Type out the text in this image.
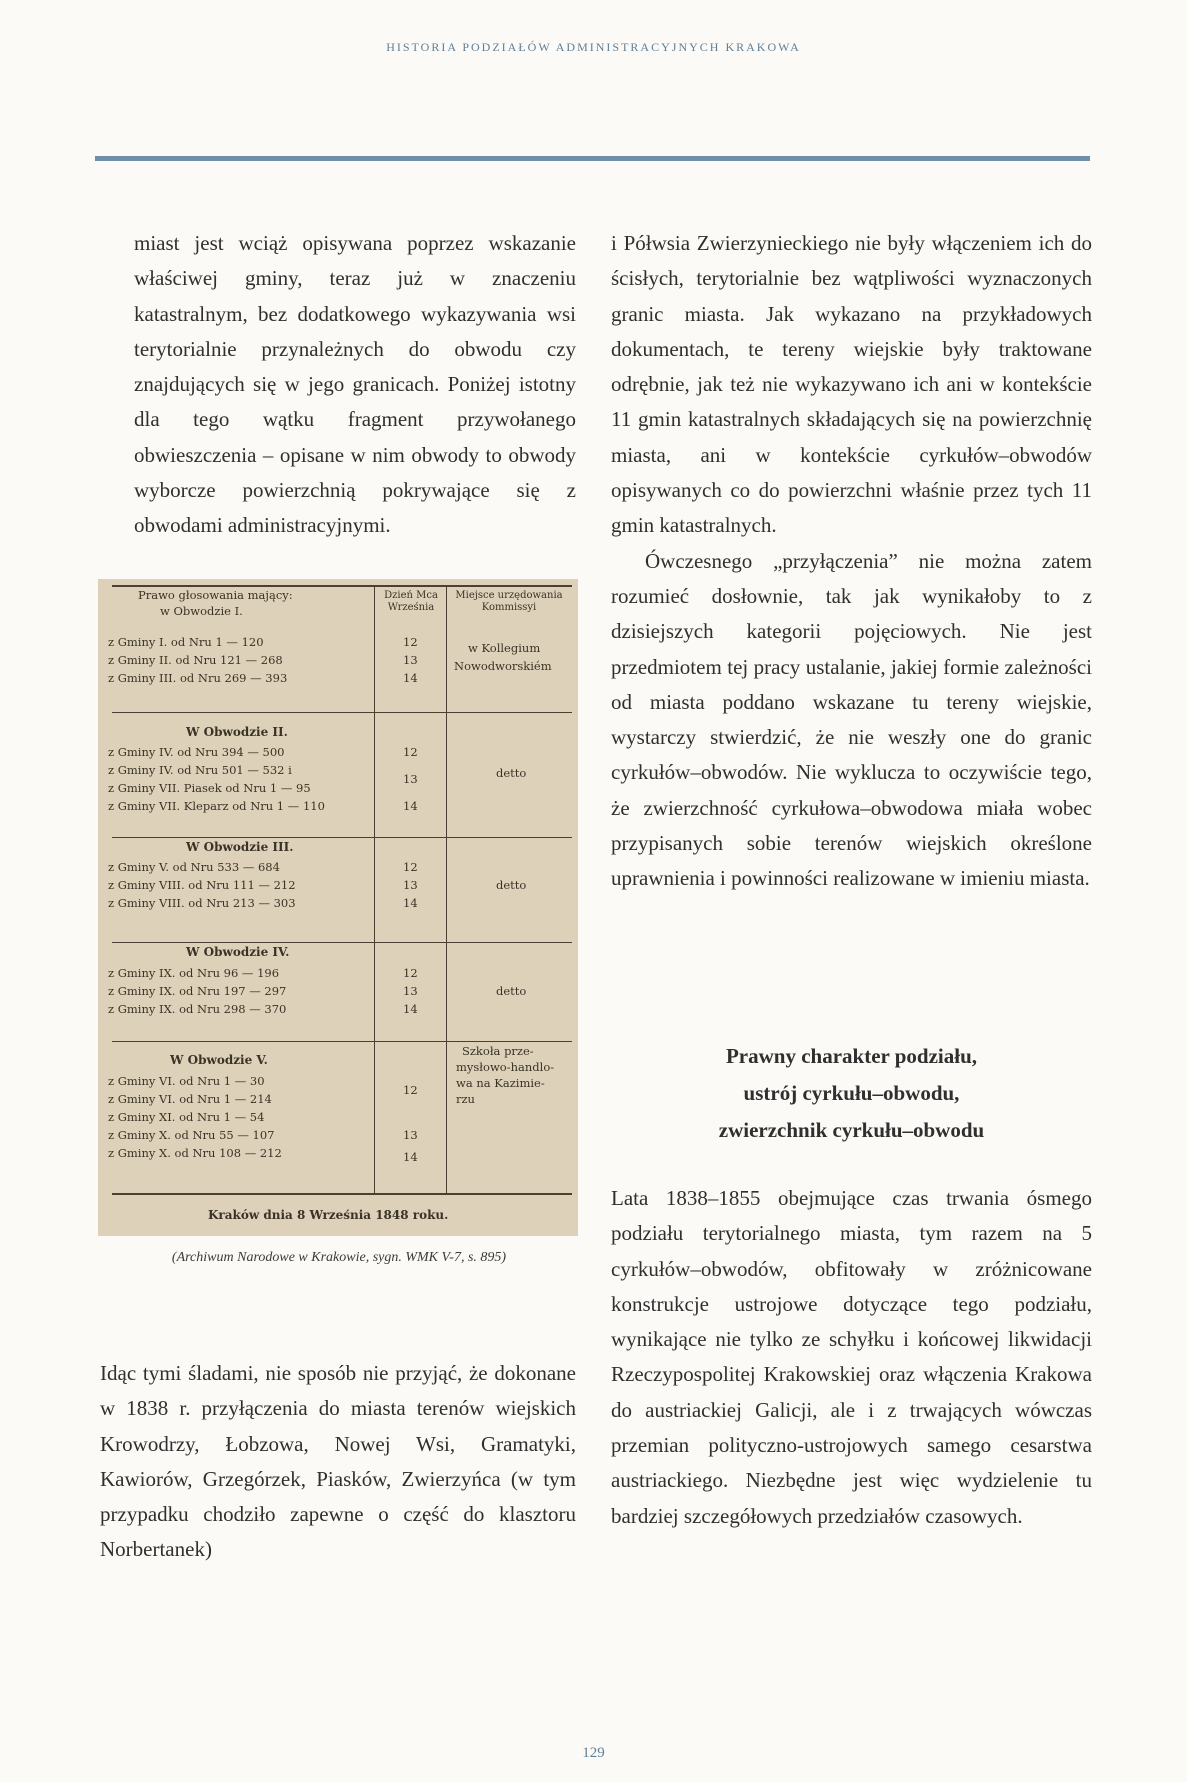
HISTORIA PODZIAŁÓW ADMINISTRACYJNYCH KRAKOWA

miast jest wciąż opisywana poprzez wskazanie właściwej gminy, teraz już w znaczeniu katastralnym, bez dodatkowego wykazywania wsi terytorialnie przynależnych do obwodu czy znajdujących się w jego granicach. Poniżej istotny dla tego wątku fragment przywołanego obwieszczenia – opisane w nim obwody to obwody wyborcze powierzchnią pokrywające się z obwodami administracyjnymi.

Prawo głosowania mający:
w Obwodzie I.
Dzień Mca
Września
Miejsce urzędowania
Kommissyi
z Gminy I. od Nru 1 — 120
z Gminy II. od Nru 121 — 268
z Gminy III. od Nru 269 — 393
12
13
14
w Kollegium
Nowodworskiém
W Obwodzie II.
z Gminy IV. od Nru 394 — 500
z Gminy IV. od Nru 501 — 532 i
z Gminy VII. Piasek od Nru 1 — 95
z Gminy VII. Kleparz od Nru 1 — 110
12
13
14
detto
W Obwodzie III.
z Gminy V. od Nru 533 — 684
z Gminy VIII. od Nru 111 — 212
z Gminy VIII. od Nru 213 — 303
12
13
14
detto
W Obwodzie IV.
z Gminy IX. od Nru 96 — 196
z Gminy IX. od Nru 197 — 297
z Gminy IX. od Nru 298 — 370
12
13
14
detto
W Obwodzie V.
z Gminy VI. od Nru 1 — 30
z Gminy VI. od Nru 1 — 214
z Gminy XI. od Nru 1 — 54
z Gminy X. od Nru 55 — 107
z Gminy X. od Nru 108 — 212
12
13
14
Szkoła prze-
mysłowo-handlo-
wa na Kazimie-
rzu
Kraków dnia 8 Września 1848 roku.
(Archiwum Narodowe w Krakowie, sygn. WMK V-7, s. 895)

Idąc tymi śladami, nie sposób nie przyjąć, że dokonane w 1838 r. przyłączenia do miasta terenów wiejskich Krowodrzy, Łobzowa, Nowej Wsi, Gramatyki, Kawiorów, Grzegórzek, Piasków, Zwierzyńca (w tym przypadku chodziło zapewne o część do klasztoru Norbertanek)

i Półwsia Zwierzynieckiego nie były włączeniem ich do ścisłych, terytorialnie bez wątpliwości wyznaczonych granic miasta. Jak wykazano na przykładowych dokumentach, te tereny wiejskie były traktowane odrębnie, jak też nie wykazywano ich ani w kontekście 11 gmin katastralnych składających się na powierzchnię miasta, ani w kontekście cyrkułów–obwodów opisywanych co do powierzchni właśnie przez tych 11 gmin katastralnych.

Ówczesnego „przyłączenia” nie można zatem rozumieć dosłownie, tak jak wynikałoby to z dzisiejszych kategorii pojęciowych. Nie jest przedmiotem tej pracy ustalanie, jakiej formie zależności od miasta poddano wskazane tu tereny wiejskie, wystarczy stwierdzić, że nie weszły one do granic cyrkułów–obwodów. Nie wyklucza to oczywiście tego, że zwierzchność cyrkułowa–obwodowa miała wobec przypisanych sobie terenów wiejskich określone uprawnienia i powinności realizowane w imieniu miasta.

Prawny charakter podziału,
ustrój cyrkułu–obwodu,
zwierzchnik cyrkułu–obwodu

Lata 1838–1855 obejmujące czas trwania ósmego podziału terytorialnego miasta, tym razem na 5 cyrkułów–obwodów, obfitowały w zróżnicowane konstrukcje ustrojowe dotyczące tego podziału, wynikające nie tylko ze schyłku i końcowej likwidacji Rzeczypospolitej Krakowskiej oraz włączenia Krakowa do austriackiej Galicji, ale i z trwających wówczas przemian polityczno-ustrojowych samego cesarstwa austriackiego. Niezbędne jest więc wydzielenie tu bardziej szczegółowych przedziałów czasowych.

129
